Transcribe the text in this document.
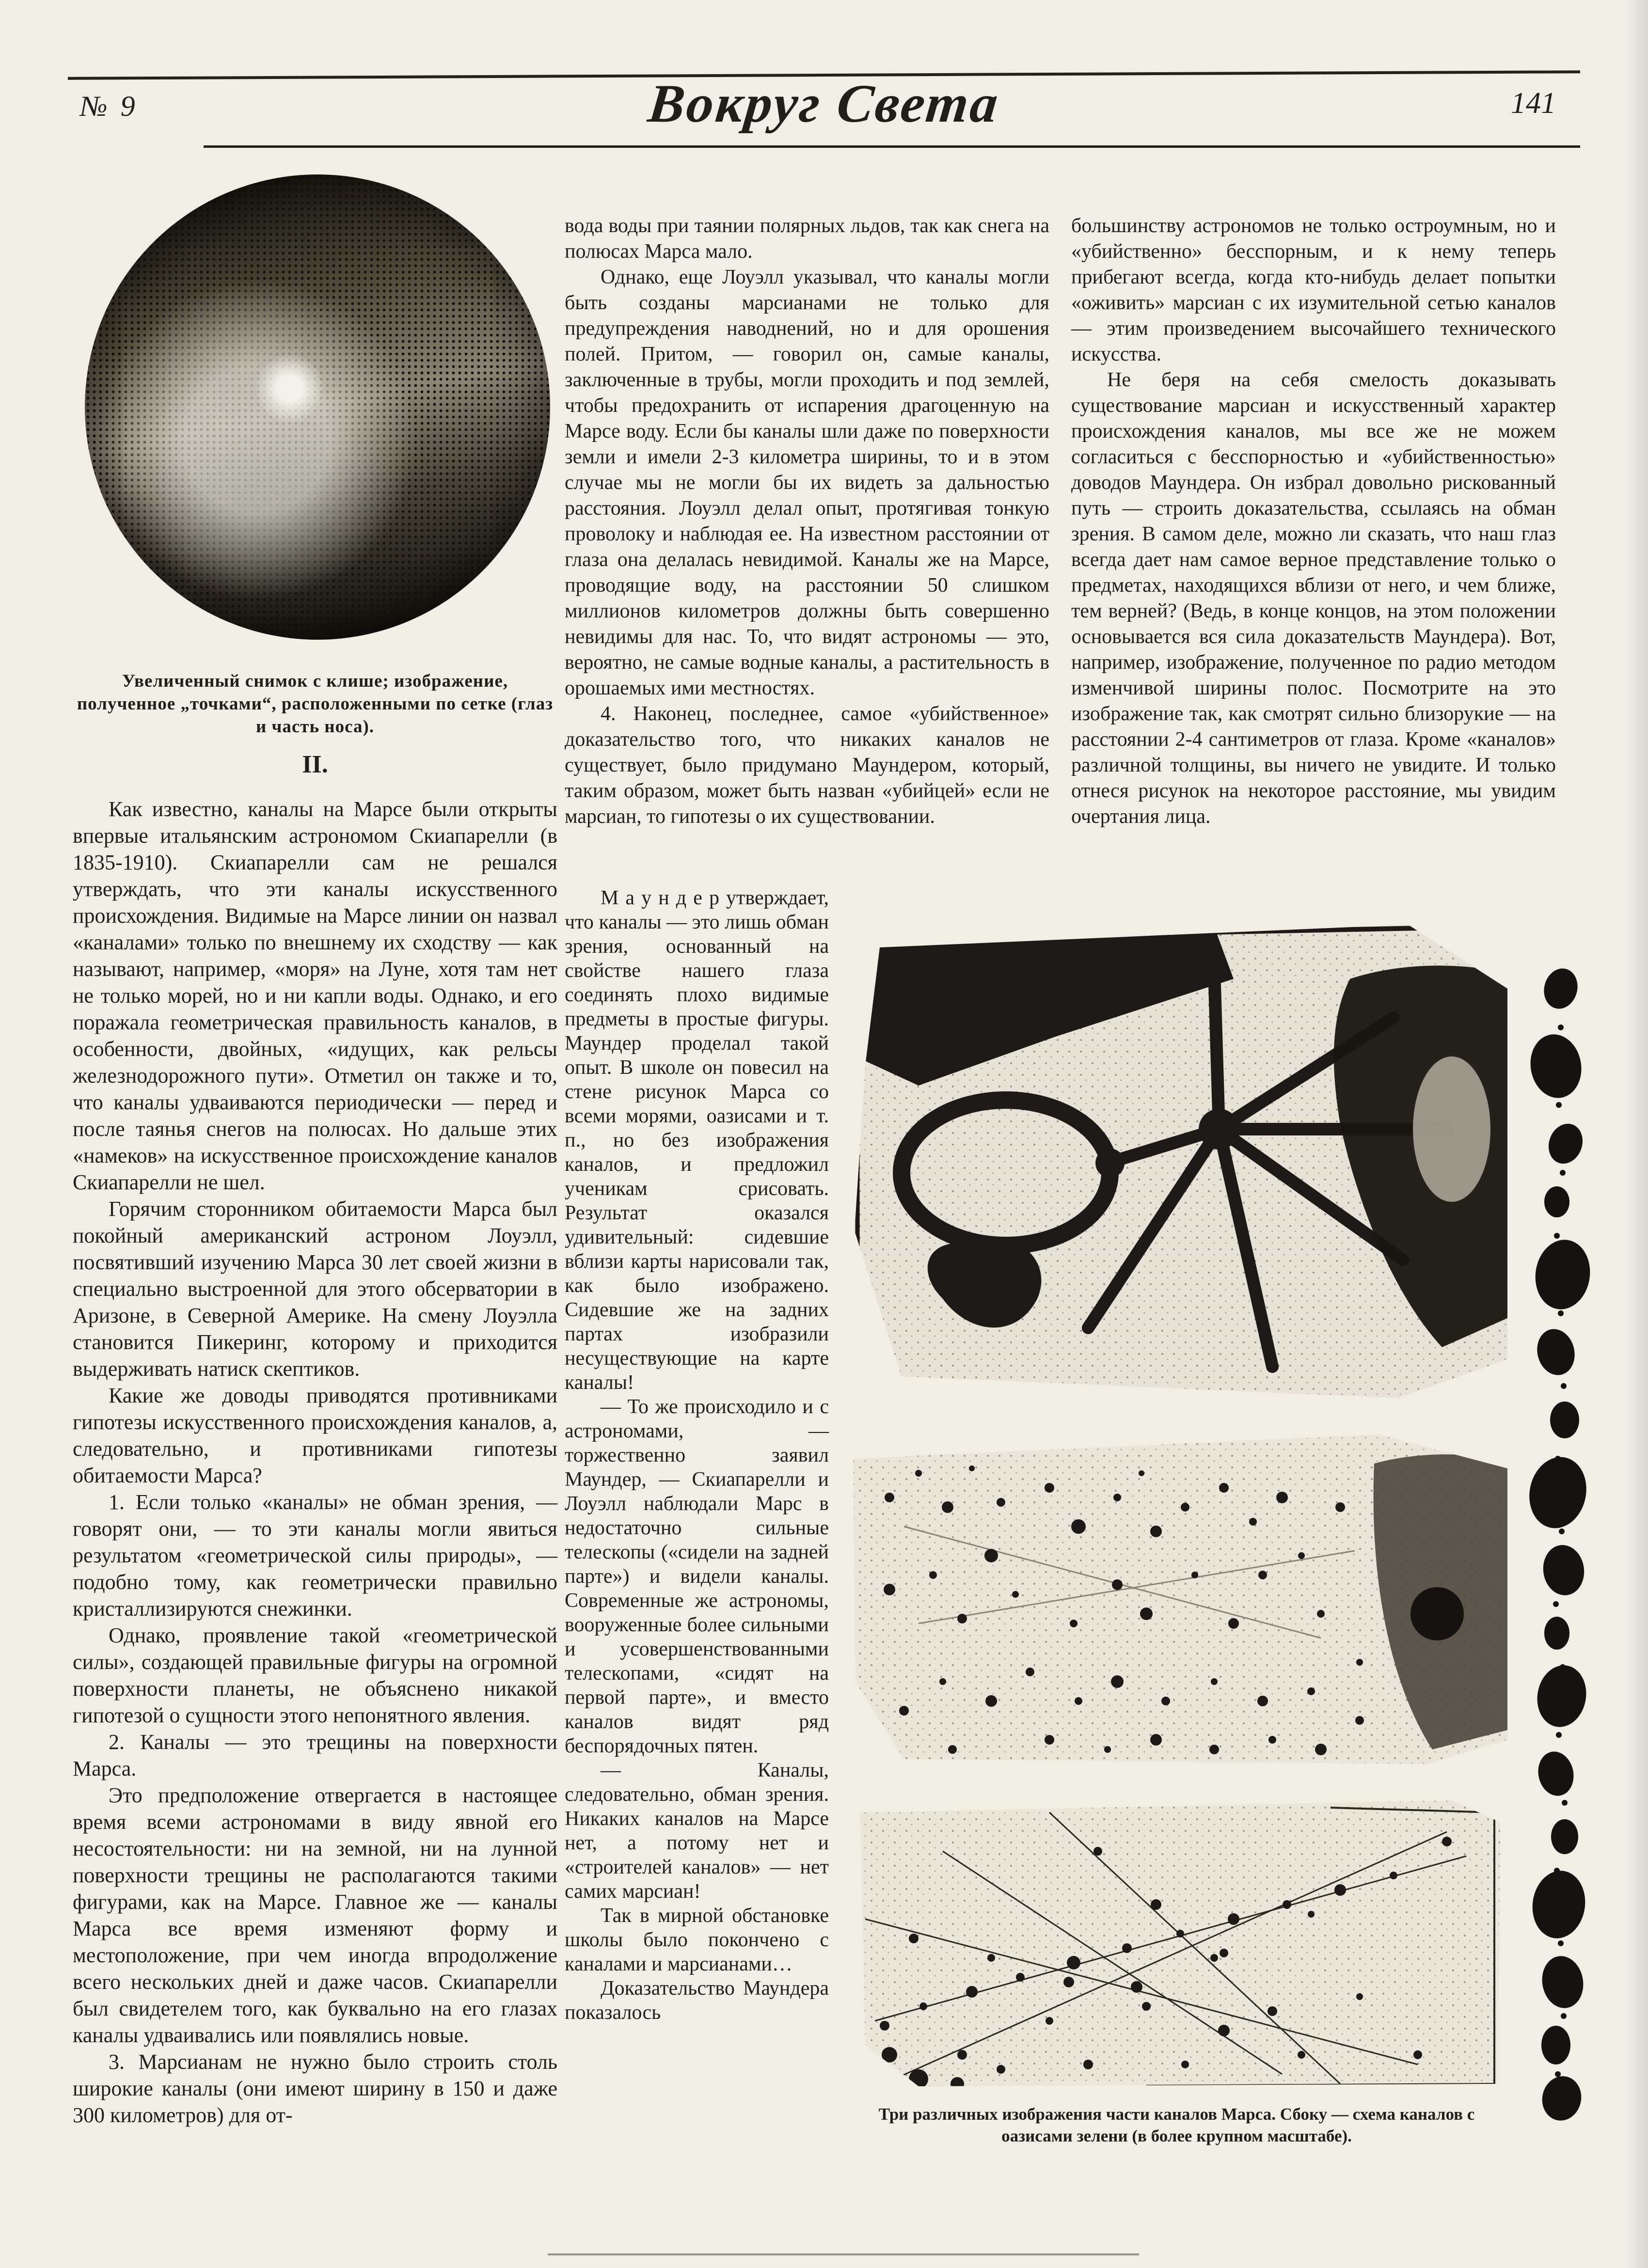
№ 9	Вокруг Света	141
Увеличенный снимок с клише; изображение, полученное „точками“, расположенными по сетке (глаз и часть носа).
II.

Как известно, каналы на Марсе были открыты впервые итальянским астрономом Скиапарелли (в 1835-1910). Скиапарелли сам не решался утверждать, что эти каналы искусственного происхождения. Видимые на Марсе линии он назвал «каналами» только по внешнему их сходству — как называют, например, «моря» на Луне, хотя там нет не только морей, но и ни капли воды. Однако, и его поражала геометрическая правильность каналов, в особенности, двойных, «идущих, как рельсы железнодорожного пути». Отметил он также и то, что каналы удваиваются периодически — перед и после таянья снегов на полюсах. Но дальше этих «намеков» на искусственное происхождение каналов Скиапарелли не шел.

Горячим сторонником обитаемости Марса был покойный американский астроном Лоуэлл, посвятивший изучению Марса 30 лет своей жизни в специально выстроенной для этого обсерватории в Аризоне, в Северной Америке. На смену Лоуэлла становится Пикеринг, которому и приходится выдерживать натиск скептиков.

Какие же доводы приводятся противниками гипотезы искусственного происхождения каналов, а, следовательно, и противниками гипотезы обитаемости Марса?

1. Если только «каналы» не обман зрения, — говорят они, — то эти каналы могли явиться результатом «геометрической силы природы», — подобно тому, как геометрически правильно кристаллизируются снежинки.

Однако, проявление такой «геометрической силы», создающей правильные фигуры на огромной поверхности планеты, не объяснено никакой гипотезой о сущности этого непонятного явления.

2. Каналы — это трещины на поверхности Марса.

Это предположение отвергается в настоящее время всеми астрономами в виду явной его несостоятельности: ни на земной, ни на лунной поверхности трещины не располагаются такими фигурами, как на Марсе. Главное же — каналы Марса все время изменяют форму и местоположение, при чем иногда впродолжение всего нескольких дней и даже часов. Скиапарелли был свидетелем того, как буквально на его глазах каналы удваивались или появлялись новые.

3. Марсианам не нужно было строить столь широкие каналы (они имеют ширину в 150 и даже 300 километров) для от-

вода воды при таянии полярных льдов, так как снега на полюсах Марса мало.

Однако, еще Лоуэлл указывал, что каналы могли быть созданы марсианами не только для предупреждения наводнений, но и для орошения полей. Притом, — говорил он, самые каналы, заключенные в трубы, могли проходить и под землей, чтобы предохранить от испарения драгоценную на Марсе воду. Если бы каналы шли даже по поверхности земли и имели 2-3 километра ширины, то и в этом случае мы не могли бы их видеть за дальностью расстояния. Лоуэлл делал опыт, протягивая тонкую проволоку и наблюдая ее. На известном расстоянии от глаза она делалась невидимой. Каналы же на Марсе, проводящие воду, на расстоянии 50 слишком миллионов километров должны быть совершенно невидимы для нас. То, что видят астрономы — это, вероятно, не самые водные каналы, а растительность в орошаемых ими местностях.

4. Наконец, последнее, самое «убийственное» доказательство того, что никаких каналов не существует, было придумано Маундером, который, таким образом, может быть назван «убийцей» если не марсиан, то гипотезы о их существовании.

большинству астрономов не только остроумным, но и «убийственно» бесспорным, и к нему теперь прибегают всегда, когда кто-нибудь делает попытки «оживить» марсиан с их изумительной сетью каналов — этим произведением высочайшего технического искусства.

Не беря на себя смелость доказывать существование марсиан и искусственный характер происхождения каналов, мы все же не можем согласиться с бесспорностью и «убийственностью» доводов Маундера. Он избрал довольно рискованный путь — строить доказательства, ссылаясь на обман зрения. В самом деле, можно ли сказать, что наш глаз всегда дает нам самое верное представление только о предметах, находящихся вблизи от него, и чем ближе, тем верней? (Ведь, в конце концов, на этом положении основывается вся сила доказательств Маундера). Вот, например, изображение, полученное по радио методом изменчивой ширины полос. Посмотрите на это изображение так, как смотрят сильно близорукие — на расстоянии 2-4 сантиметров от глаза. Кроме «каналов» различной толщины, вы ничего не увидите. И только отнеся рисунок на некоторое расстояние, мы увидим очертания лица.

М а у н д е р утверждает, что каналы — это лишь обман зрения, основанный на свойстве нашего глаза соединять плохо видимые предметы в простые фигуры. Маундер проделал такой опыт. В школе он повесил на стене рисунок Марса со всеми морями, оазисами и т. п., но без изображения каналов, и предложил ученикам срисовать. Результат оказался удивительный: сидевшие вблизи карты нарисовали так, как было изображено. Сидевшие же на задних партах изобразили несуществующие на карте каналы!

— То же происходило и с астрономами, — торжественно заявил Маундер, — Скиапарелли и Лоуэлл наблюдали Марс в недостаточно сильные телескопы («сидели на задней парте») и видели каналы. Современные же астрономы, вооруженные более сильными и усовершенствованными телескопами, «сидят на первой парте», и вместо каналов видят ряд беспорядочных пятен.

— Каналы, следовательно, обман зрения. Никаких каналов на Марсе нет, а потому нет и «строителей каналов» — нет самих марсиан!

Так в мирной обстановке школы было покончено с каналами и марсианами…

Доказательство Маундера показалось

Три различных изображения части каналов Марса. Сбоку — схема каналов с оазисами зелени (в более крупном масштабе).
